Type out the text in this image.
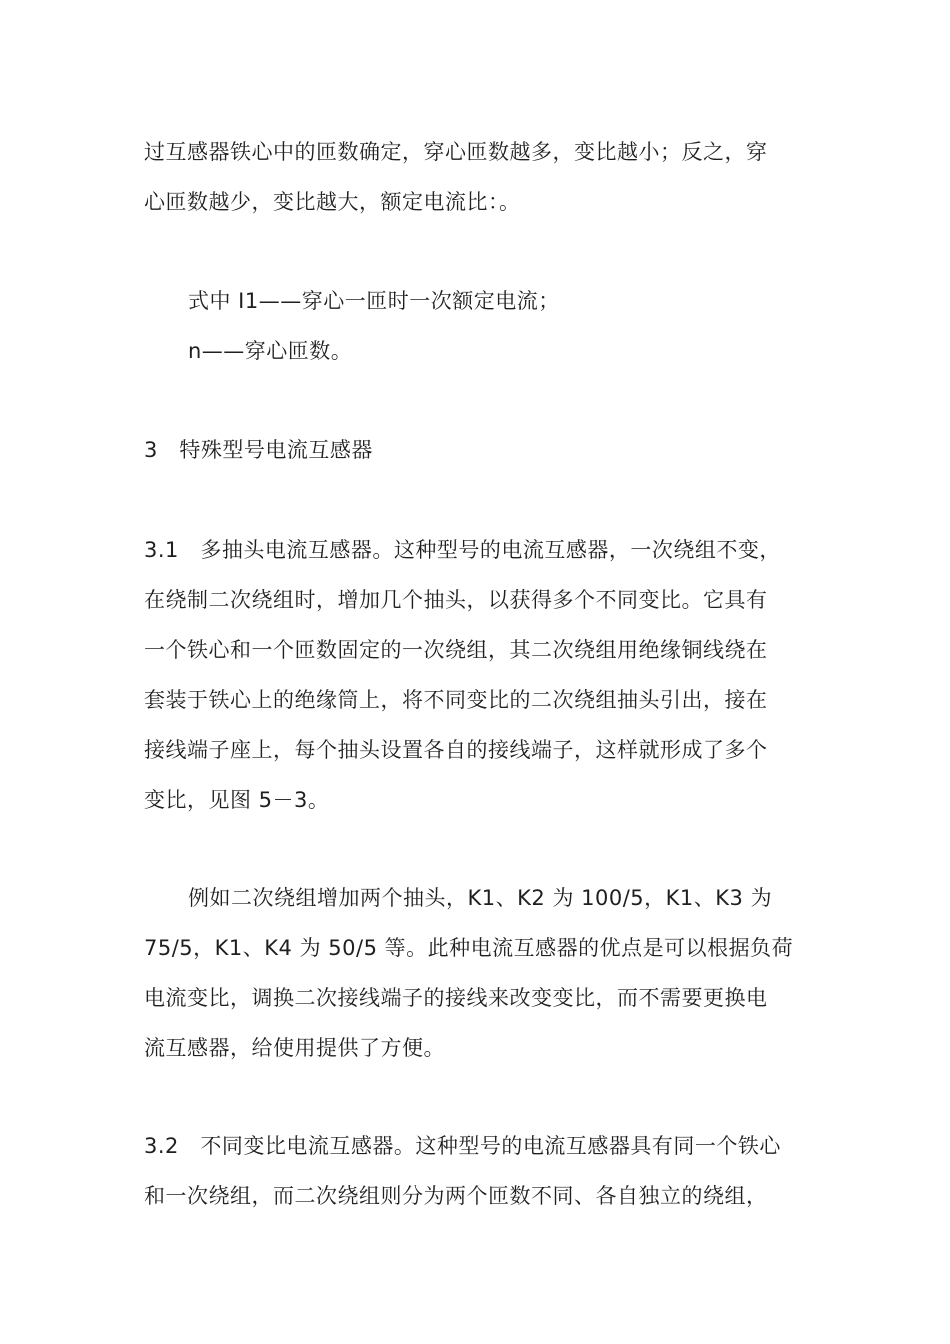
过互感器铁心中的匝数确定，穿心匝数越多，变比越小；反之，穿
心匝数越少，变比越大，额定电流比：。
式中 I1——穿心一匝时一次额定电流；
n——穿心匝数。
3　特殊型号电流互感器
3.1　多抽头电流互感器。这种型号的电流互感器，一次绕组不变，
在绕制二次绕组时，增加几个抽头，以获得多个不同变比。它具有
一个铁心和一个匝数固定的一次绕组，其二次绕组用绝缘铜线绕在
套装于铁心上的绝缘筒上，将不同变比的二次绕组抽头引出，接在
接线端子座上，每个抽头设置各自的接线端子，这样就形成了多个
变比，见图 5－3。
例如二次绕组增加两个抽头，K1、K2 为 100/5，K1、K3 为
75/5，K1、K4 为 50/5 等。此种电流互感器的优点是可以根据负荷
电流变比，调换二次接线端子的接线来改变变比，而不需要更换电
流互感器，给使用提供了方便。
3.2　不同变比电流互感器。这种型号的电流互感器具有同一个铁心
和一次绕组，而二次绕组则分为两个匝数不同、各自独立的绕组，
